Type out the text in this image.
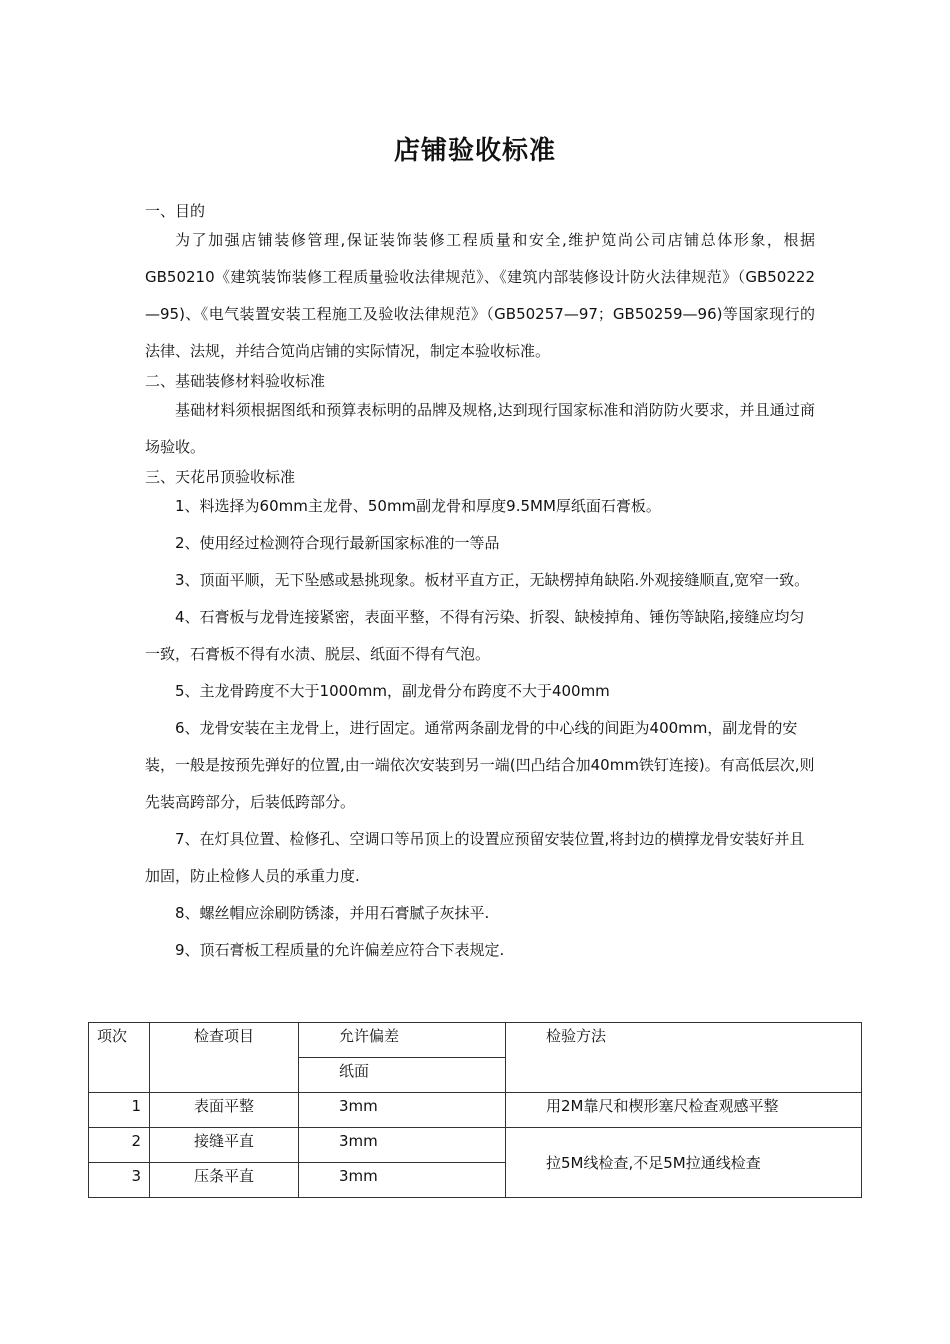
店铺验收标准

一、目的

为了加强店铺装修管理,保证装饰装修工程质量和安全,维护笕尚公司店铺总体形象，根据GB50210《建筑装饰装修工程质量验收法律规范》、《建筑内部装修设计防火法律规范》（GB50222—95)、《电气装置安装工程施工及验收法律规范》（GB50257—97；GB50259—96)等国家现行的法律、法规，并结合笕尚店铺的实际情况，制定本验收标准。

二、基础装修材料验收标准

基础材料须根据图纸和预算表标明的品牌及规格,达到现行国家标准和消防防火要求，并且通过商场验收。

三、天花吊顶验收标准

1、料选择为60mm主龙骨、50mm副龙骨和厚度9.5MM厚纸面石膏板。

2、使用经过检测符合现行最新国家标准的一等品

3、顶面平顺，无下坠感或悬挑现象。板材平直方正，无缺楞掉角缺陷.外观接缝顺直,宽窄一致。

4、石膏板与龙骨连接紧密，表面平整，不得有污染、折裂、缺棱掉角、锤伤等缺陷,接缝应均匀一致，石膏板不得有水渍、脱层、纸面不得有气泡。

5、主龙骨跨度不大于1000mm，副龙骨分布跨度不大于400mm

6、龙骨安装在主龙骨上，进行固定。通常两条副龙骨的中心线的间距为400mm，副龙骨的安装，一般是按预先弹好的位置,由一端依次安装到另一端(凹凸结合加40mm铁钉连接)。有高低层次,则先装高跨部分，后装低跨部分。

7、在灯具位置、检修孔、空调口等吊顶上的设置应预留安装位置,将封边的横撑龙骨安装好并且加固，防止检修人员的承重力度.

8、螺丝帽应涂刷防锈漆，并用石膏腻子灰抹平.

9、顶石膏板工程质量的允许偏差应符合下表规定.

项次	检查项目	允许偏差	检验方法
		纸面	
1	表面平整	3mm	用2M靠尺和楔形塞尺检查观感平整
2	接缝平直	3mm	拉5M线检查,不足5M拉通线检查
3	压条平直	3mm	
